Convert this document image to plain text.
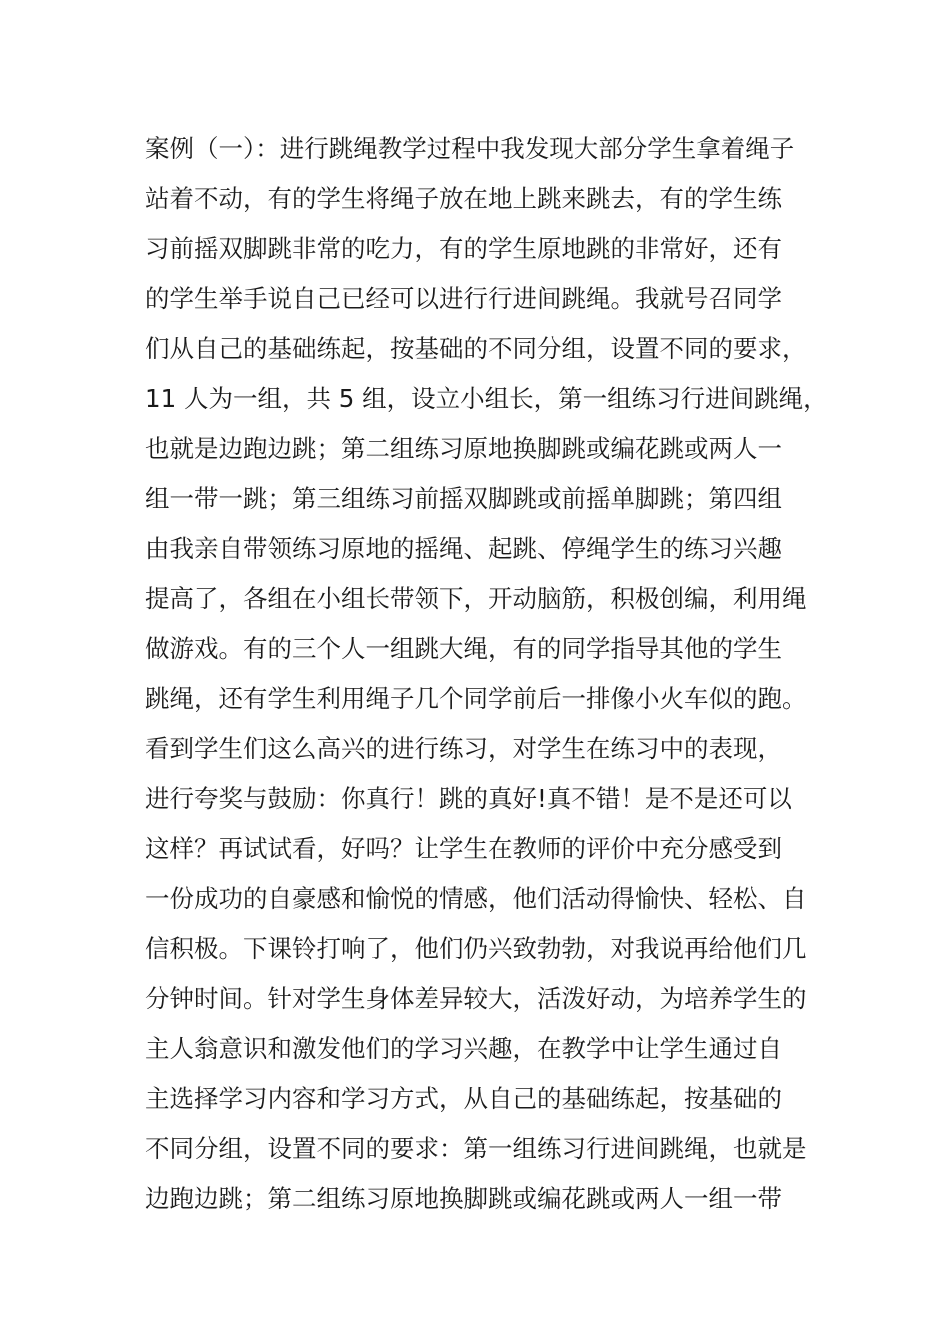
案例（一）：进行跳绳教学过程中我发现大部分学生拿着绳子
站着不动，有的学生将绳子放在地上跳来跳去，有的学生练
习前摇双脚跳非常的吃力，有的学生原地跳的非常好，还有
的学生举手说自己已经可以进行行进间跳绳。我就号召同学
们从自己的基础练起，按基础的不同分组，设置不同的要求，
11 人为一组，共 5 组，设立小组长，第一组练习行进间跳绳，
也就是边跑边跳；第二组练习原地换脚跳或编花跳或两人一
组一带一跳；第三组练习前摇双脚跳或前摇单脚跳；第四组
由我亲自带领练习原地的摇绳、起跳、停绳学生的练习兴趣
提高了，各组在小组长带领下，开动脑筋，积极创编，利用绳
做游戏。有的三个人一组跳大绳，有的同学指导其他的学生
跳绳，还有学生利用绳子几个同学前后一排像小火车似的跑。
看到学生们这么高兴的进行练习，对学生在练习中的表现，
进行夸奖与鼓励：你真行！跳的真好!真不错！是不是还可以
这样？再试试看，好吗？让学生在教师的评价中充分感受到
一份成功的自豪感和愉悦的情感，他们活动得愉快、轻松、自
信积极。下课铃打响了，他们仍兴致勃勃，对我说再给他们几
分钟时间。针对学生身体差异较大，活泼好动，为培养学生的
主人翁意识和激发他们的学习兴趣，在教学中让学生通过自
主选择学习内容和学习方式，从自己的基础练起，按基础的
不同分组，设置不同的要求：第一组练习行进间跳绳，也就是
边跑边跳；第二组练习原地换脚跳或编花跳或两人一组一带
